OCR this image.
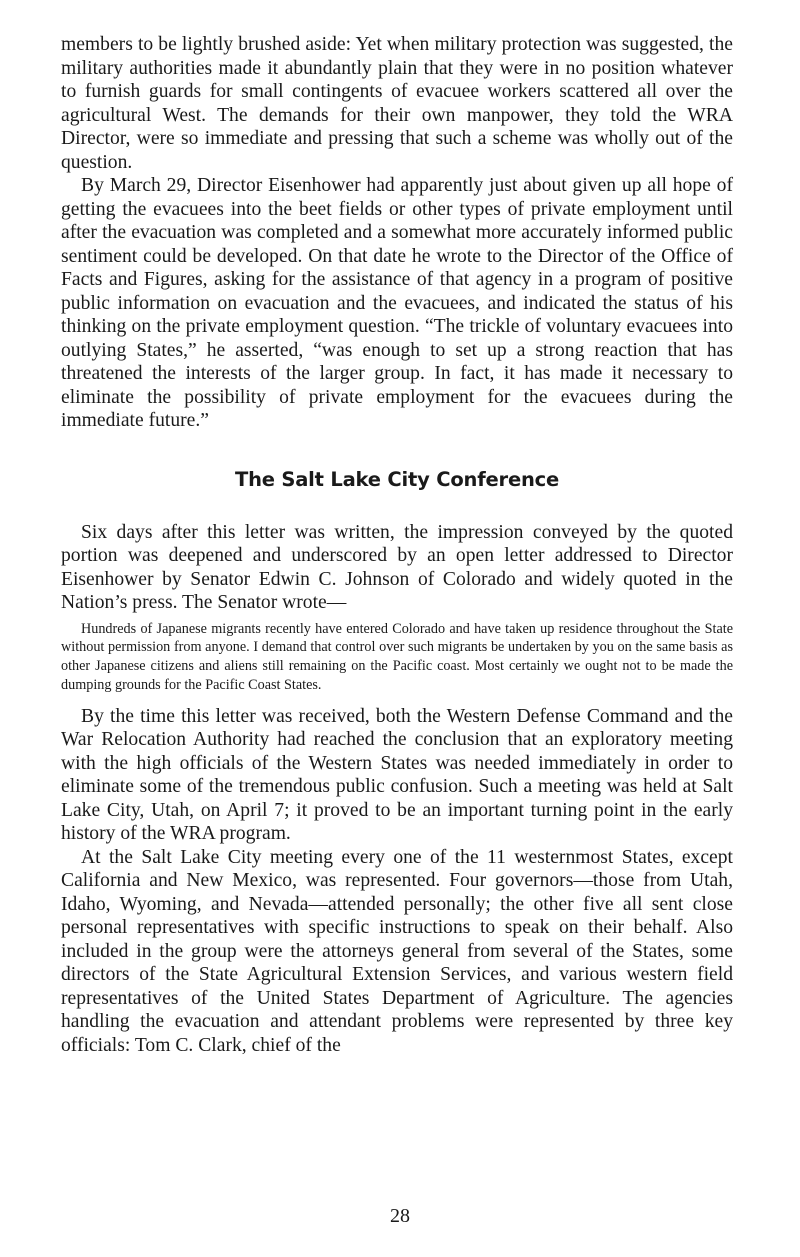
members to be lightly brushed aside: Yet when military protection was suggested, the military authorities made it abundantly plain that they were in no position whatever to furnish guards for small contingents of evacuee workers scattered all over the agricultural West. The demands for their own manpower, they told the WRA Director, were so immediate and pressing that such a scheme was wholly out of the question.

By March 29, Director Eisenhower had apparently just about given up all hope of getting the evacuees into the beet fields or other types of private employment until after the evacuation was completed and a somewhat more accurately informed public sentiment could be developed. On that date he wrote to the Director of the Office of Facts and Figures, asking for the assistance of that agency in a program of positive public information on evacuation and the evacuees, and indicated the status of his thinking on the private employment question. “The trickle of voluntary evacuees into outlying States,” he asserted, “was enough to set up a strong reaction that has threatened the interests of the larger group. In fact, it has made it necessary to eliminate the possibility of private employment for the evacuees during the immediate future.”

The Salt Lake City Conference

Six days after this letter was written, the impression conveyed by the quoted portion was deepened and underscored by an open letter addressed to Director Eisenhower by Senator Edwin C. Johnson of Colorado and widely quoted in the Nation’s press. The Senator wrote—

Hundreds of Japanese migrants recently have entered Colorado and have taken up residence throughout the State without permission from anyone. I demand that control over such migrants be undertaken by you on the same basis as other Japanese citizens and aliens still remaining on the Pacific coast. Most certainly we ought not to be made the dumping grounds for the Pacific Coast States.

By the time this letter was received, both the Western Defense Command and the War Relocation Authority had reached the conclusion that an exploratory meeting with the high officials of the Western States was needed immediately in order to eliminate some of the tremendous public confusion. Such a meeting was held at Salt Lake City, Utah, on April 7; it proved to be an important turning point in the early history of the WRA program.

At the Salt Lake City meeting every one of the 11 westernmost States, except California and New Mexico, was represented. Four governors—those from Utah, Idaho, Wyoming, and Nevada—attended personally; the other five all sent close personal representatives with specific instructions to speak on their behalf. Also included in the group were the attorneys general from several of the States, some directors of the State Agricultural Extension Services, and various western field representatives of the United States Department of Agriculture. The agencies handling the evacuation and attendant problems were represented by three key officials: Tom C. Clark, chief of the

28
